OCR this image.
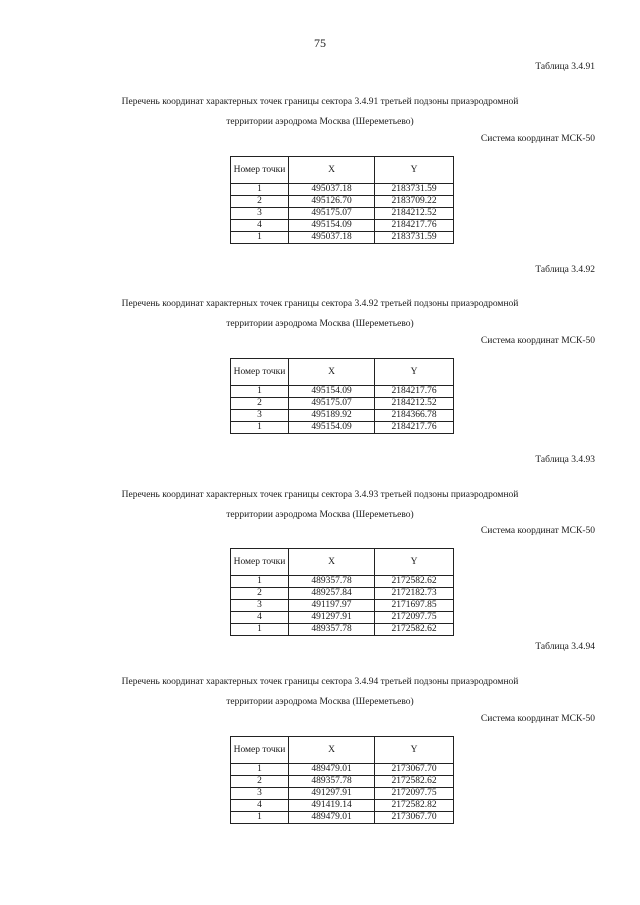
75
Таблица 3.4.91
Перечень координат характерных точек границы сектора 3.4.91 третьей подзоны приаэродромной
территории аэродрома Москва (Шереметьево)
Система координат МСК-50
Номер точки	X	Y
1	495037.18	2183731.59
2	495126.70	2183709.22
3	495175.07	2184212.52
4	495154.09	2184217.76
1	495037.18	2183731.59
Таблица 3.4.92
Перечень координат характерных точек границы сектора 3.4.92 третьей подзоны приаэродромной
территории аэродрома Москва (Шереметьево)
Система координат МСК-50
Номер точки	X	Y
1	495154.09	2184217.76
2	495175.07	2184212.52
3	495189.92	2184366.78
1	495154.09	2184217.76
Таблица 3.4.93
Перечень координат характерных точек границы сектора 3.4.93 третьей подзоны приаэродромной
территории аэродрома Москва (Шереметьево)
Система координат МСК-50
Номер точки	X	Y
1	489357.78	2172582.62
2	489257.84	2172182.73
3	491197.97	2171697.85
4	491297.91	2172097.75
1	489357.78	2172582.62
Таблица 3.4.94
Перечень координат характерных точек границы сектора 3.4.94 третьей подзоны приаэродромной
территории аэродрома Москва (Шереметьево)
Система координат МСК-50
Номер точки	X	Y
1	489479.01	2173067.70
2	489357.78	2172582.62
3	491297.91	2172097.75
4	491419.14	2172582.82
1	489479.01	2173067.70
